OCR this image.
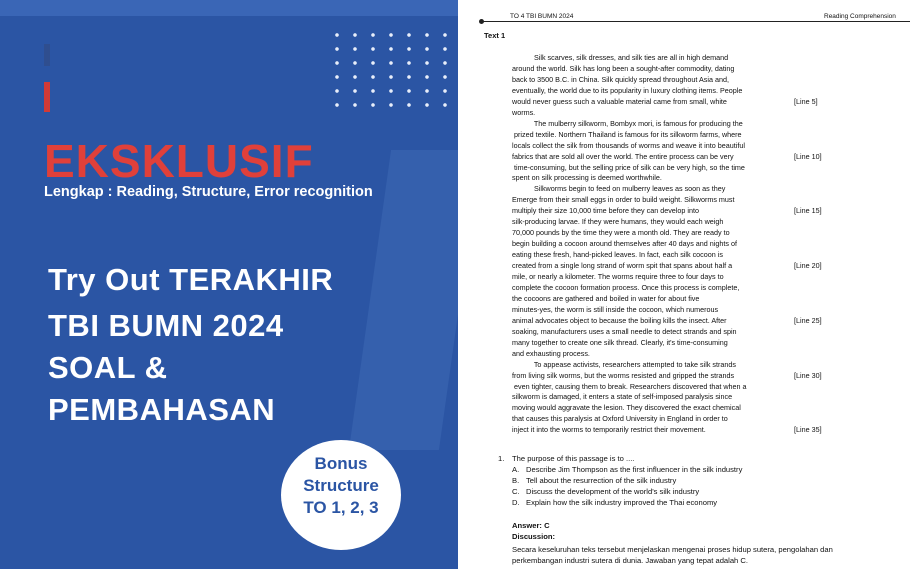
EKSKLUSIF
Lengkap : Reading, Structure, Error recognition
Try Out TERAKHIR
TBI BUMN 2024
SOAL &
PEMBAHASAN
Bonus
Structure
TO 1, 2, 3
TO 4 TBI BUMN 2024	Reading Comprehension
Text 1
Silk scarves, silk dresses, and silk ties are all in high demand
around the world. Silk has long been a sought-after commodity, dating
back to 3500 B.C. in China. Silk quickly spread throughout Asia and,
eventually, the world due to its popularity in luxury clothing items. People
would never guess such a valuable material came from small, white
worms.
The mulberry silkworm, Bombyx mori, is famous for producing the
prized textile. Northern Thailand is famous for its silkworm farms, where
locals collect the silk from thousands of worms and weave it into beautiful
fabrics that are sold all over the world. The entire process can be very
time-consuming, but the selling price of silk can be very high, so the time
spent on silk processing is deemed worthwhile.
Silkworms begin to feed on mulberry leaves as soon as they
Emerge from their small eggs in order to build weight. Silkworms must
multiply their size 10,000 time before they can develop into
silk-producing larvae. If they were humans, they would each weigh
70,000 pounds by the time they were a month old. They are ready to
begin building a cocoon around themselves after 40 days and nights of
eating these fresh, hand-picked leaves. In fact, each silk cocoon is
created from a single long strand of worm spit that spans about half a
mile, or nearly a kilometer. The worms require three to four days to
complete the cocoon formation process. Once this process is complete,
the cocoons are gathered and boiled in water for about five
minutes-yes, the worm is still inside the cocoon, which numerous
animal advocates object to because the boiling kills the insect. After
soaking, manufacturers uses a small needle to detect strands and spin
many together to create one silk thread. Clearly, it's time-consuming
and exhausting process.
To appease activists, researchers attempted to take silk strands
from living silk worms, but the worms resisted and gripped the strands
even tighter, causing them to break. Researchers discovered that when a
silkworm is damaged, it enters a state of self-imposed paralysis since
moving would aggravate the lesion. They discovered the exact chemical
that causes this paralysis at Oxford University in England in order to
inject it into the worms to temporarily restrict their movement.
[Line 5]
[Line 10]
[Line 15]
[Line 20]
[Line 25]
[Line 30]
[Line 35]
1. The purpose of this passage is to ....
A. Describe Jim Thompson as the first influencer in the silk industry
B. Tell about the resurrection of the silk industry
C. Discuss the development of the world's silk industry
D. Explain how the silk industry improved the Thai economy
Answer: C
Discussion:
Secara keseluruhan teks tersebut menjelaskan mengenai proses hidup sutera, pengolahan dan
perkembangan industri sutera di dunia. Jawaban yang tepat adalah C.
